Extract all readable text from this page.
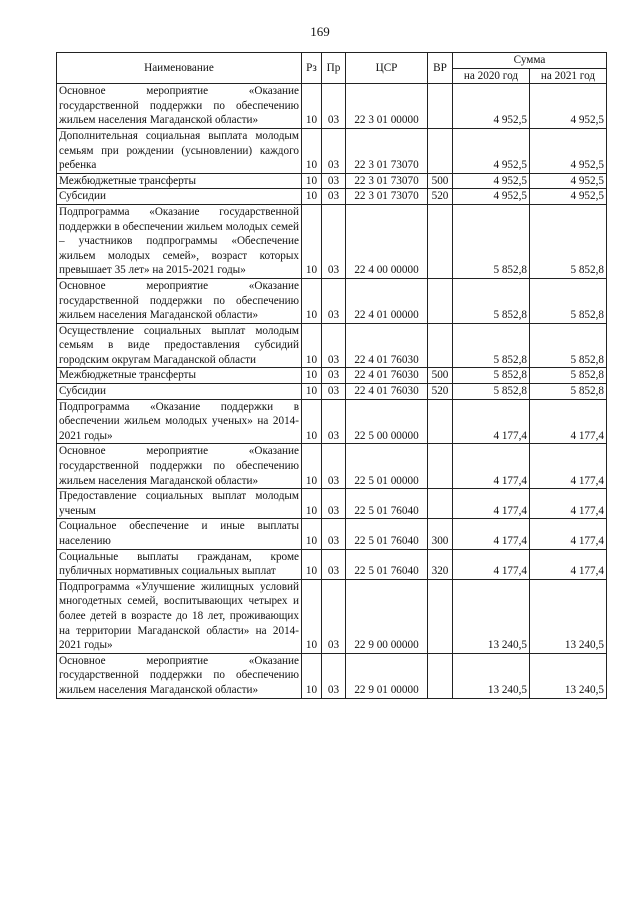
169
Наименование	Рз	Пр	ЦСР	ВР	Сумма	
					на 2020 год	на 2021 год
Основное мероприятие «Оказание государственной поддержки по обеспечению жильем населения Магаданской области»	10	03	22 3 01 00000		4 952,5	4 952,5
Дополнительная социальная выплата молодым семьям при рождении (усыновлении) каждого ребенка	10	03	22 3 01 73070		4 952,5	4 952,5
Межбюджетные трансферты	10	03	22 3 01 73070	500	4 952,5	4 952,5
Субсидии	10	03	22 3 01 73070	520	4 952,5	4 952,5
Подпрограмма «Оказание государственной поддержки в обеспечении жильем молодых семей – участников подпрограммы «Обеспечение жильем молодых семей», возраст которых превышает 35 лет» на 2015-2021 годы»	10	03	22 4 00 00000		5 852,8	5 852,8
Основное мероприятие «Оказание государственной поддержки по обеспечению жильем населения Магаданской области»	10	03	22 4 01 00000		5 852,8	5 852,8
Осуществление социальных выплат молодым семьям в виде предоставления субсидий городским округам Магаданской области	10	03	22 4 01 76030		5 852,8	5 852,8
Межбюджетные трансферты	10	03	22 4 01 76030	500	5 852,8	5 852,8
Субсидии	10	03	22 4 01 76030	520	5 852,8	5 852,8
Подпрограмма «Оказание поддержки в обеспечении жильем молодых ученых» на 2014-2021 годы»	10	03	22 5 00 00000		4 177,4	4 177,4
Основное мероприятие «Оказание государственной поддержки по обеспечению жильем населения Магаданской области»	10	03	22 5 01 00000		4 177,4	4 177,4
Предоставление социальных выплат молодым ученым	10	03	22 5 01 76040		4 177,4	4 177,4
Социальное обеспечение и иные выплаты населению	10	03	22 5 01 76040	300	4 177,4	4 177,4
Социальные выплаты гражданам, кроме публичных нормативных социальных выплат	10	03	22 5 01 76040	320	4 177,4	4 177,4
Подпрограмма «Улучшение жилищных условий многодетных семей, воспитывающих четырех и более детей в возрасте до 18 лет, проживающих на территории Магаданской области» на 2014-2021 годы»	10	03	22 9 00 00000		13 240,5	13 240,5
Основное мероприятие «Оказание государственной поддержки по обеспечению жильем населения Магаданской области»	10	03	22 9 01 00000		13 240,5	13 240,5
